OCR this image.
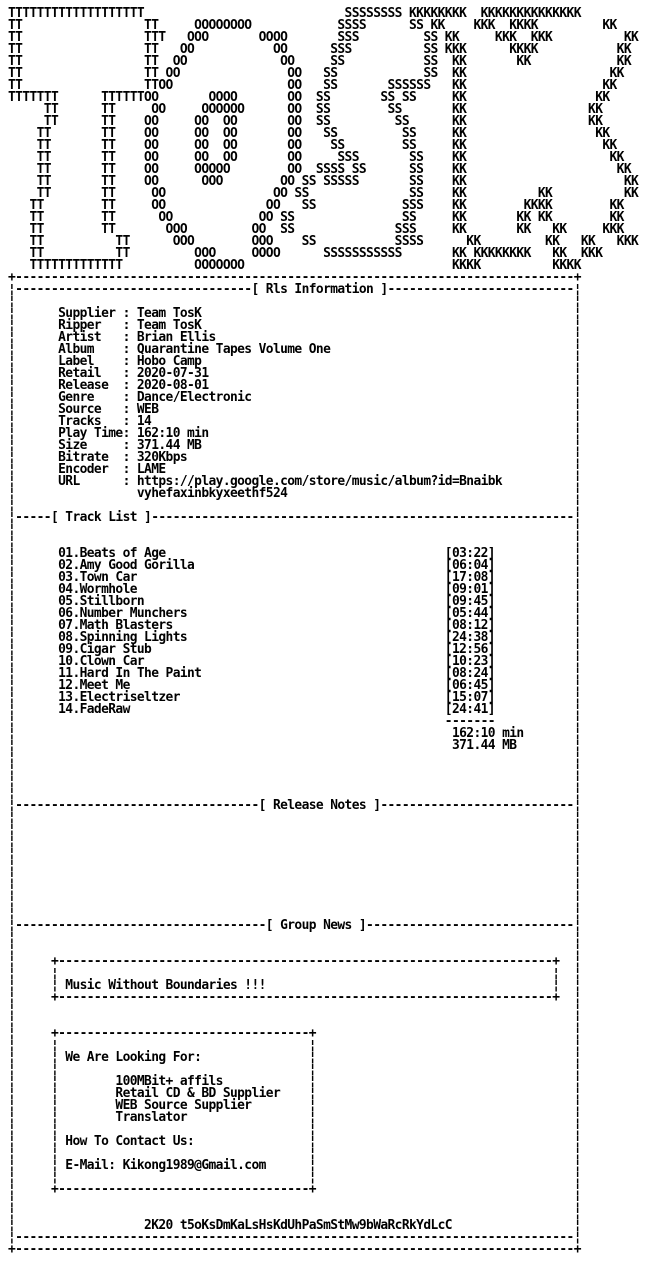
TTTTTTTTTTTTTTTTTTT                            SSSSSSSS KKKKKKKK  KKKKKKKKKKKKKK
TT                 TT     OOOOOOOO            SSSS      SS KK    KKK  KKKK         KK
TT                 TTT   OOO       OOOO       SSS         SS KK     KKK  KKK          KK
TT                 TT   OO           OO      SSS          SS KKK      KKKK           KK
TT                 TT  OO             OO     SS           SS  KK       KK            KK
TT                 TT OO               OO   SS            SS  KK                    KK
TT                 TTOO                OO   SS       SSSSSS   KK                   KK
TTTTTTT      TTTTTTOO       OOOO       OO  SS       SS SS     KK                  KK
TT      TT     OO     OOOOOO      OO  SS        SS       KK                 KK
TT      TT    OO     OO  OO       OO  SS         SS      KK                 KK
TT       TT    OO     OO  OO       OO   SS         SS     KK                  KK
TT       TT    OO     OO  OO       OO    SS        SS     KK                   KK
TT       TT    OO     OO  OO       OO     SSS       SS    KK                    KK
TT       TT    OO     OOOOO        OO  SSSS SS      SS    KK                     KK
TT       TT    OO      OOO        OO SS SSSSS       SS    KK                      KK
TT       TT     OO               OO SS              SS    KK          KK          KK
TT        TT     OO              OO   SS            SSS    KK        KKKK        KK
TT        TT      OO            OO SS               SS     KK       KK KK        KK
TT        TT       OOO         OO  SS              SSS     KK       KK   KK     KKK
TT          TT      OOO        OOO    SS           SSSS      KK         KK   KK   KKK
TT          TT         OOO     OOOO      SSSSSSSSSSS       KK KKKKKKKK   KK  KKK
TTTTTTTTTTTTT          OOOOOOO                             KKKK          KKKK
+------------------------------------------------------------------------------+
¦---------------------------------[ Rls Information ]--------------------------¦
¦                                                                              ¦
¦      Supplier : Team TosK                                                    ¦
¦      Ripper   : Team TosK                                                    ¦
¦      Artist   : Brian Ellis                                                  ¦
¦      Album    : Quarantine Tapes Volume One                                  ¦
¦      Label    : Hobo Camp                                                    ¦
¦      Retail   : 2020-07-31                                                   ¦
¦      Release  : 2020-08-01                                                   ¦
¦      Genre    : Dance/Electronic                                             ¦
¦      Source   : WEB                                                          ¦
¦      Tracks   : 14                                                           ¦
¦      Play Time: 162:10 min                                                   ¦
¦      Size     : 371.44 MB                                                    ¦
¦      Bitrate  : 320Kbps                                                      ¦
¦      Encoder  : LAME                                                         ¦
¦      URL      : https://play.google.com/store/music/album?id=Bnaibk          ¦
¦                 vyhefaxinbkyxeethf524                                        ¦
¦                                                                              ¦
¦-----[ Track List ]-----------------------------------------------------------¦
¦                                                                              ¦
¦                                                                              ¦
¦      01.Beats of Age                                       [03:22]           ¦
¦      02.Amy Good Gorilla                                   [06:04]           ¦
¦      03.Town Car                                           [17:08]           ¦
¦      04.Wormhole                                           [09:01]           ¦
¦      05.Stillborn                                          [09:45]           ¦
¦      06.Number Munchers                                    [05:44]           ¦
¦      07.Math Blasters                                      [08:12]           ¦
¦      08.Spinning Lights                                    [24:38]           ¦
¦      09.Cigar Stub                                         [12:56]           ¦
¦      10.Clown Car                                          [10:23]           ¦
¦      11.Hard In The Paint                                  [08:24]           ¦
¦      12.Meet Me                                            [06:45]           ¦
¦      13.Electriseltzer                                     [15:07]           ¦
¦      14.FadeRaw                                            [24:41]           ¦
¦                                                            -------           ¦
¦                                                             162:10 min       ¦
¦                                                             371.44 MB        ¦
¦                                                                              ¦
¦                                                                              ¦
¦                                                                              ¦
¦                                                                              ¦
¦----------------------------------[ Release Notes ]---------------------------¦
¦                                                                              ¦
¦                                                                              ¦
¦                                                                              ¦
¦                                                                              ¦
¦                                                                              ¦
¦                                                                              ¦
¦                                                                              ¦
¦                                                                              ¦
¦                                                                              ¦
¦-----------------------------------[ Group News ]-----------------------------¦
¦                                                                              ¦
¦                                                                              ¦
¦     +---------------------------------------------------------------------+  ¦
¦     ¦                                                                     ¦  ¦
¦     ¦ Music Without Boundaries !!!                                        ¦  ¦
¦     +---------------------------------------------------------------------+  ¦
¦                                                                              ¦
¦                                                                              ¦
¦     +-----------------------------------+                                    ¦
¦     ¦                                   ¦                                    ¦
¦     ¦ We Are Looking For:               ¦                                    ¦
¦     ¦                                   ¦                                    ¦
¦     ¦        100MBit+ affils            ¦                                    ¦
¦     ¦        Retail CD & BD Supplier    ¦                                    ¦
¦     ¦        WEB Source Supplier        ¦                                    ¦
¦     ¦        Translator                 ¦                                    ¦
¦     ¦                                   ¦                                    ¦
¦     ¦ How To Contact Us:                ¦                                    ¦
¦     ¦                                   ¦                                    ¦
¦     ¦ E-Mail: Kikong1989@Gmail.com      ¦                                    ¦
¦     ¦                                   ¦                                    ¦
¦     +-----------------------------------+                                    ¦
¦                                                                              ¦
¦                                                                              ¦
¦                  2K20 t5oKsDmKaLsHsKdUhPaSmStMw9bWaRcRkYdLcC                 ¦
¦------------------------------------------------------------------------------¦
+------------------------------------------------------------------------------+
